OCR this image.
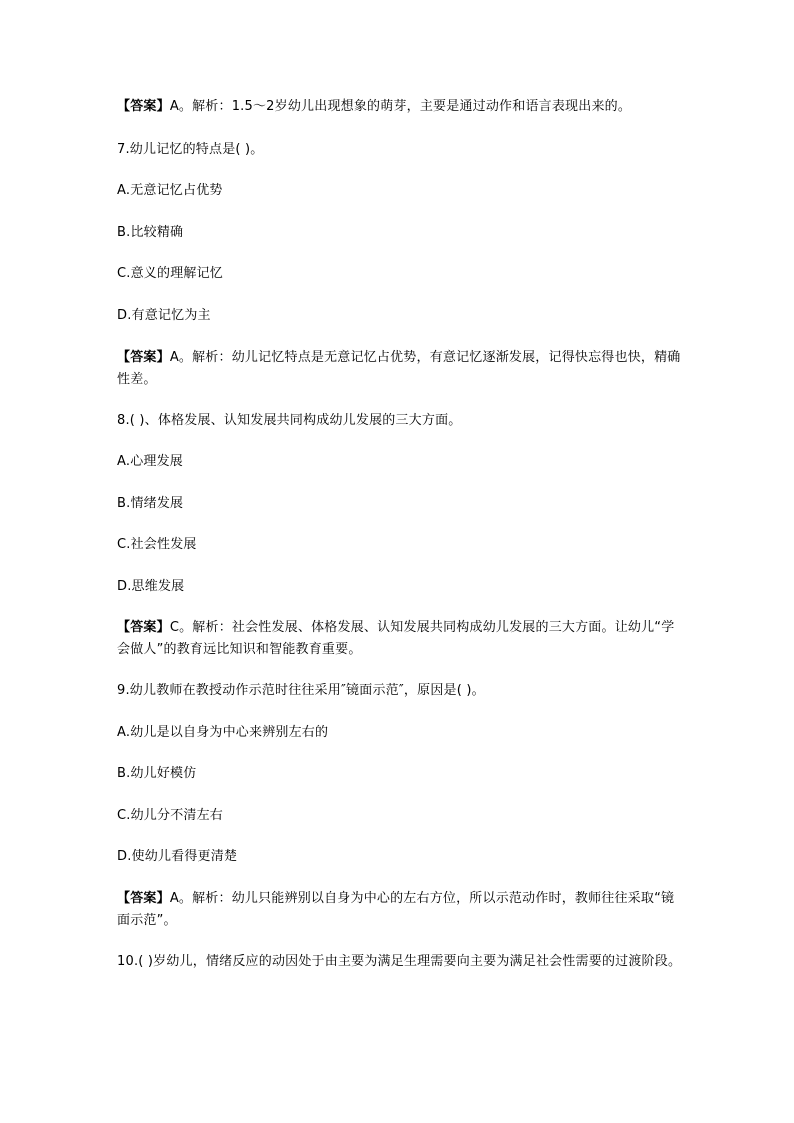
【答案】A。解析：1.5～2岁幼儿出现想象的萌芽，主要是通过动作和语言表现出来的。
7.幼儿记忆的特点是( )。
A.无意记忆占优势
B.比较精确
C.意义的理解记忆
D.有意记忆为主
【答案】A。解析：幼儿记忆特点是无意记忆占优势，有意记忆逐渐发展，记得快忘得也快，精确性差。
8.( )、体格发展、认知发展共同构成幼儿发展的三大方面。
A.心理发展
B.情绪发展
C.社会性发展
D.思维发展
【答案】C。解析：社会性发展、体格发展、认知发展共同构成幼儿发展的三大方面。让幼儿“学会做人”的教育远比知识和智能教育重要。
9.幼儿教师在教授动作示范时往往采用″镜面示范″，原因是( )。
A.幼儿是以自身为中心来辨别左右的
B.幼儿好模仿
C.幼儿分不清左右
D.使幼儿看得更清楚
【答案】A。解析：幼儿只能辨别以自身为中心的左右方位，所以示范动作时，教师往往采取“镜面示范”。
10.( )岁幼儿，情绪反应的动因处于由主要为满足生理需要向主要为满足社会性需要的过渡阶段。
